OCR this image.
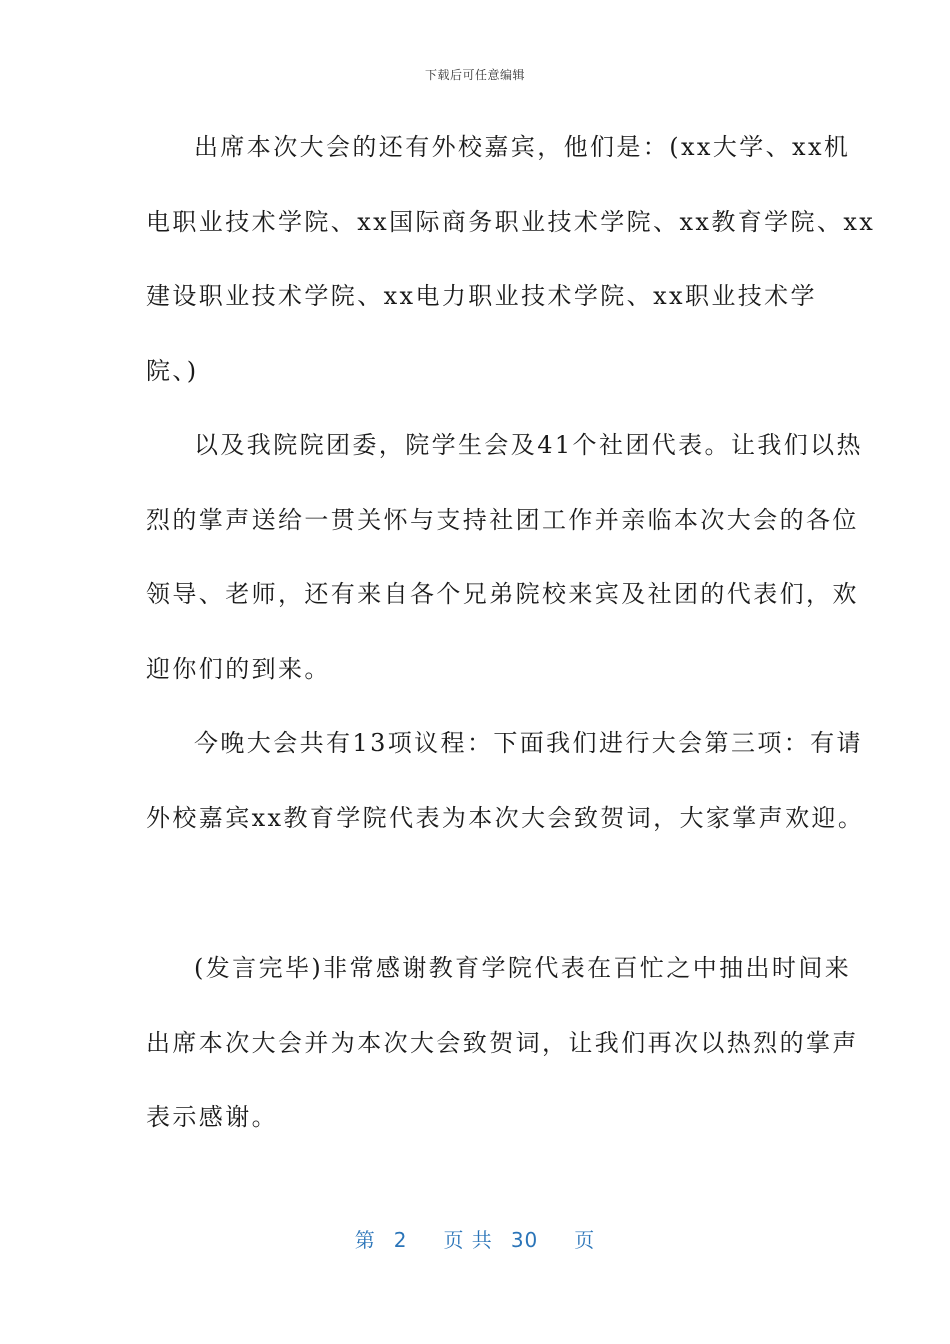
下载后可任意编辑
出席本次大会的还有外校嘉宾，他们是：(xx大学、xx机
电职业技术学院、xx国际商务职业技术学院、xx教育学院、xx
建设职业技术学院、xx电力职业技术学院、xx职业技术学
院、)
以及我院院团委，院学生会及41个社团代表。让我们以热
烈的掌声送给一贯关怀与支持社团工作并亲临本次大会的各位
领导、老师，还有来自各个兄弟院校来宾及社团的代表们，欢
迎你们的到来。
今晚大会共有13项议程：下面我们进行大会第三项：有请
外校嘉宾xx教育学院代表为本次大会致贺词，大家掌声欢迎。
(发言完毕)非常感谢教育学院代表在百忙之中抽出时间来
出席本次大会并为本次大会致贺词，让我们再次以热烈的掌声
表示感谢。
第 2 页 共 30 页
